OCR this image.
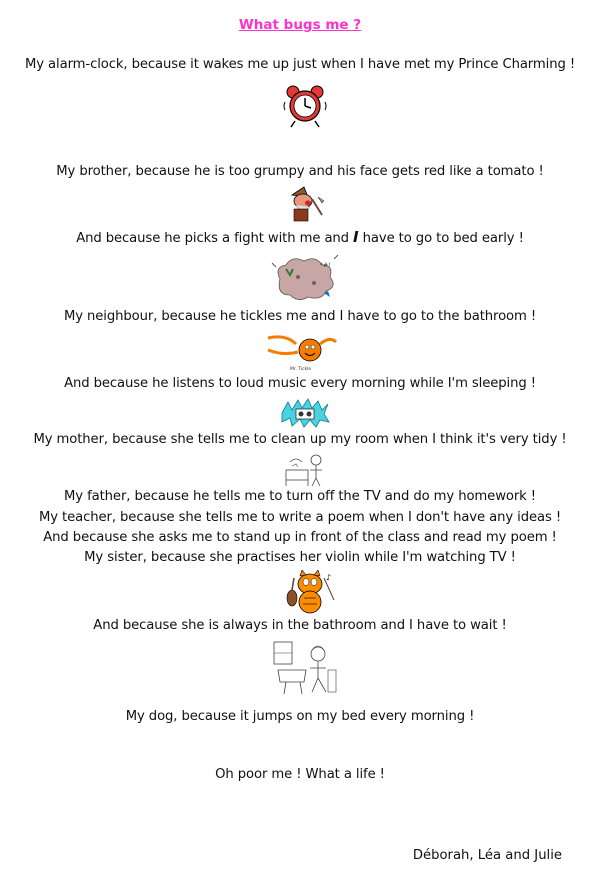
What bugs me ?
My alarm-clock, because it wakes me up just when I have met my Prince Charming !
My brother, because he is too grumpy and his face gets red like a tomato !
And because he picks a fight with me and I have to go to bed early !
*#!
My neighbour, because he tickles me and I have to go to the bathroom !
Mr. Tickle
And because he listens to loud music every morning while I'm sleeping !
My mother, because she tells me to clean up my room when I think it's very tidy !
My father, because he tells me to turn off the TV and do my homework !
My teacher, because she tells me to write a poem when I don't have any ideas !
And because she asks me to stand up in front of the class and read my poem !
My sister, because she practises her violin while I'm watching TV !
♪
And because she is always in the bathroom and I have to wait !
My dog, because it jumps on my bed every morning !
Oh poor me ! What a life !
Déborah, Léa and Julie
